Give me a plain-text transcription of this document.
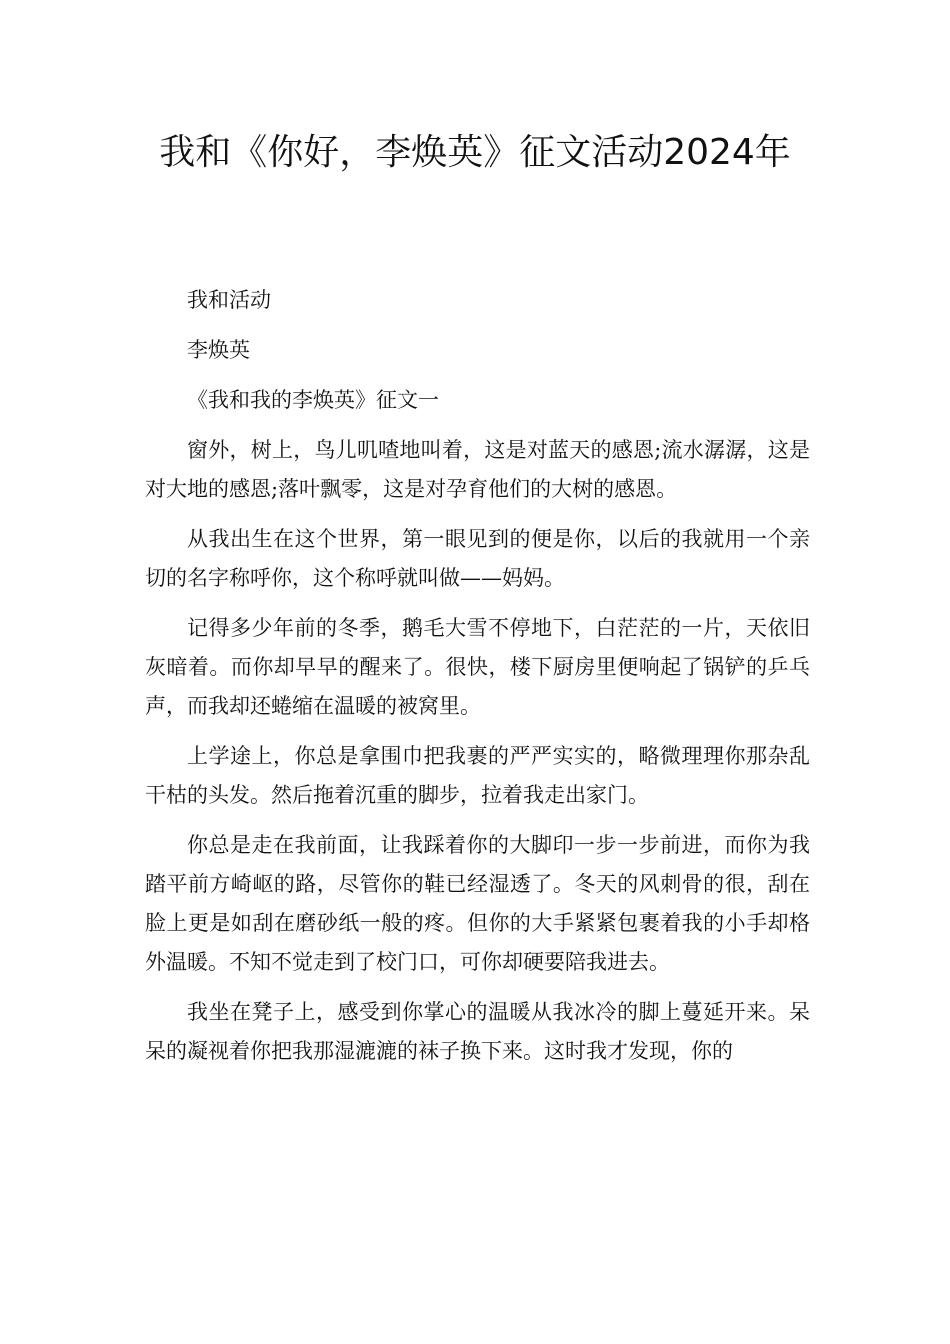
我和《你好，李焕英》征文活动2024年

我和活动

李焕英

《我和我的李焕英》征文一

窗外，树上，鸟儿叽喳地叫着，这是对蓝天的感恩;流水潺潺，这是对大地的感恩;落叶飘零，这是对孕育他们的大树的感恩。

从我出生在这个世界，第一眼见到的便是你，以后的我就用一个亲切的名字称呼你，这个称呼就叫做——妈妈。

记得多少年前的冬季，鹅毛大雪不停地下，白茫茫的一片，天依旧灰暗着。而你却早早的醒来了。很快，楼下厨房里便响起了锅铲的乒乓声，而我却还蜷缩在温暖的被窝里。

上学途上，你总是拿围巾把我裹的严严实实的，略微理理你那杂乱干枯的头发。然后拖着沉重的脚步，拉着我走出家门。

你总是走在我前面，让我踩着你的大脚印一步一步前进，而你为我踏平前方崎岖的路，尽管你的鞋已经湿透了。冬天的风刺骨的很，刮在脸上更是如刮在磨砂纸一般的疼。但你的大手紧紧包裹着我的小手却格外温暖。不知不觉走到了校门口，可你却硬要陪我进去。

我坐在凳子上，感受到你掌心的温暖从我冰冷的脚上蔓延开来。呆呆的凝视着你把我那湿漉漉的袜子换下来。这时我才发现，你的
